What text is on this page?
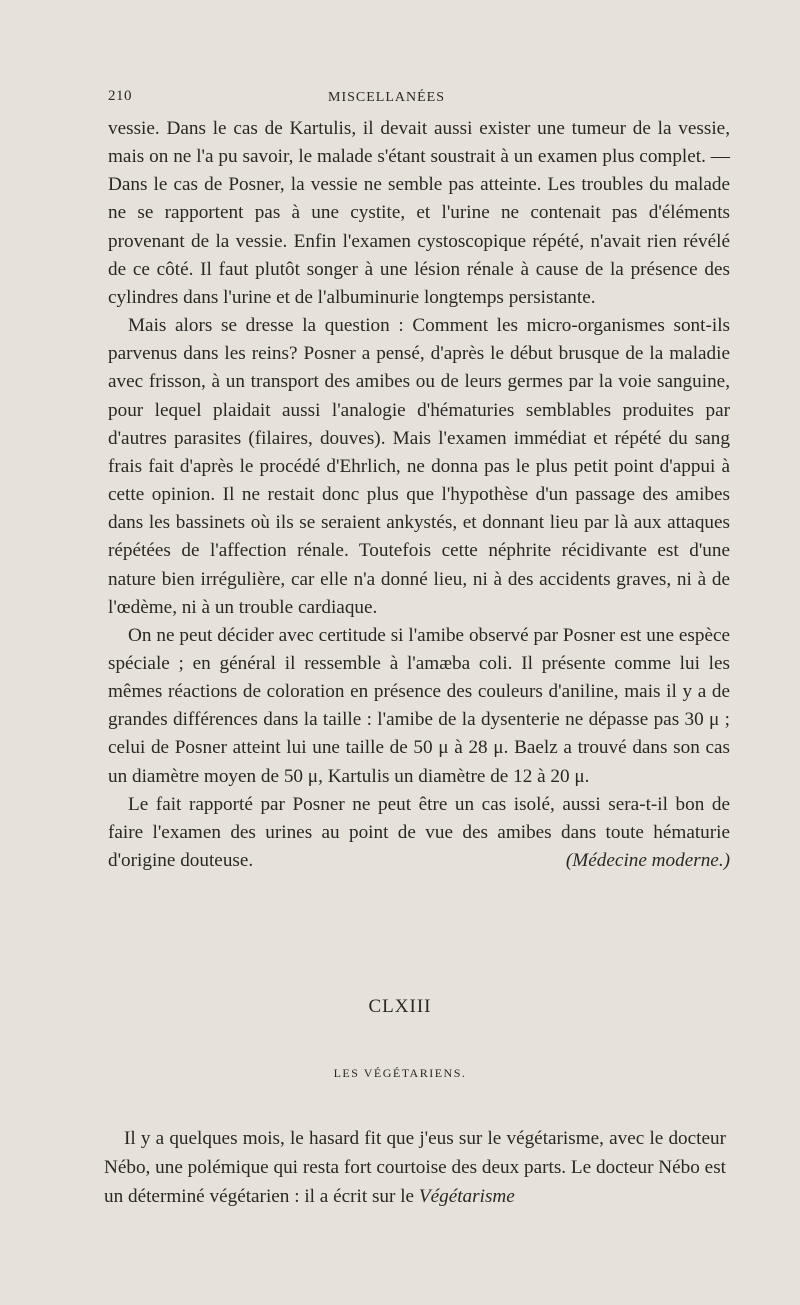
210	MISCELLANÉES

vessie. Dans le cas de Kartulis, il devait aussi exister une tumeur de la vessie, mais on ne l'a pu savoir, le malade s'étant soustrait à un examen plus complet. — Dans le cas de Posner, la vessie ne semble pas atteinte. Les troubles du malade ne se rapportent pas à une cystite, et l'urine ne contenait pas d'éléments provenant de la vessie. Enfin l'examen cystoscopique répété, n'avait rien révélé de ce côté. Il faut plutôt songer à une lésion rénale à cause de la présence des cylindres dans l'urine et de l'albuminurie longtemps persistante.

Mais alors se dresse la question : Comment les micro-organismes sont-ils parvenus dans les reins? Posner a pensé, d'après le début brusque de la maladie avec frisson, à un transport des amibes ou de leurs germes par la voie sanguine, pour lequel plaidait aussi l'analogie d'hématuries semblables produites par d'autres parasites (filaires, douves). Mais l'examen immédiat et répété du sang frais fait d'après le procédé d'Ehrlich, ne donna pas le plus petit point d'appui à cette opinion. Il ne restait donc plus que l'hypothèse d'un passage des amibes dans les bassinets où ils se seraient ankystés, et donnant lieu par là aux attaques répétées de l'affection rénale. Toutefois cette néphrite récidivante est d'une nature bien irrégulière, car elle n'a donné lieu, ni à des accidents graves, ni à de l'œdème, ni à un trouble cardiaque.

On ne peut décider avec certitude si l'amibe observé par Posner est une espèce spéciale ; en général il ressemble à l'amæba coli. Il présente comme lui les mêmes réactions de coloration en présence des couleurs d'aniline, mais il y a de grandes différences dans la taille : l'amibe de la dysenterie ne dépasse pas 30 μ ; celui de Posner atteint lui une taille de 50 μ à 28 μ. Baelz a trouvé dans son cas un diamètre moyen de 50 μ, Kartulis un diamètre de 12 à 20 μ.

Le fait rapporté par Posner ne peut être un cas isolé, aussi sera-t-il bon de faire l'examen des urines au point de vue des amibes dans toute hématurie d'origine douteuse.	(Médecine moderne.)

CLXIII
LES VÉGÉTARIENS.

Il y a quelques mois, le hasard fit que j'eus sur le végétarisme, avec le docteur Nébo, une polémique qui resta fort courtoise des deux parts. Le docteur Nébo est un déterminé végétarien : il a écrit sur le Végétarisme
